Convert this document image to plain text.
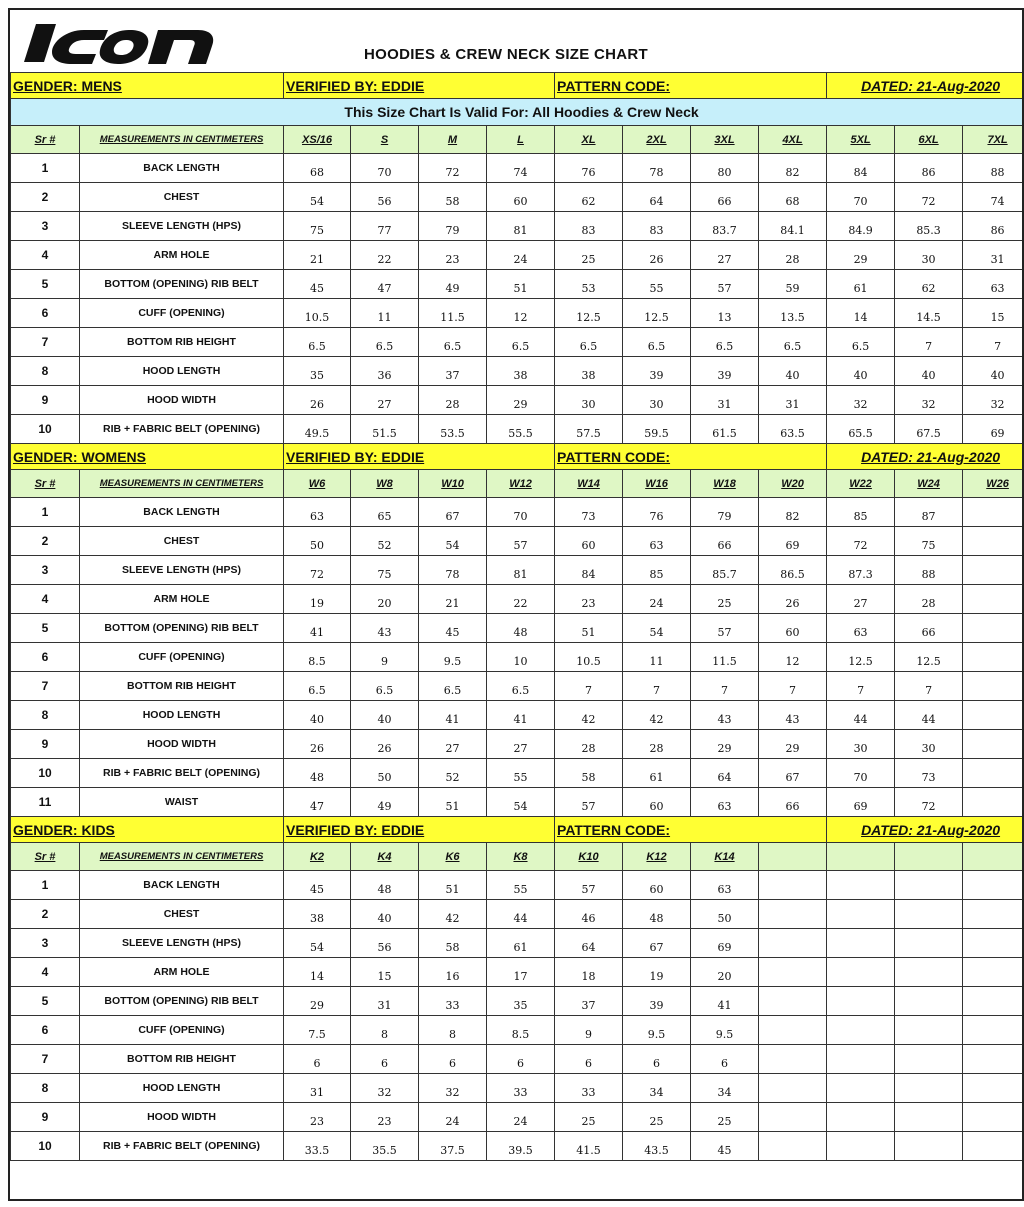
HOODIES & CREW NECK SIZE CHART
GENDER: MENS		VERIFIED BY: EDDIE				PATTERN CODE:				DATED: 21-Aug-2020		
This Size Chart Is Valid For: All Hoodies & Crew Neck												
Sr #	MEASUREMENTS IN CENTIMETERS	XS/16	S	M	L	XL	2XL	3XL	4XL	5XL	6XL	7XL
1	BACK LENGTH	68	70	72	74	76	78	80	82	84	86	88
2	CHEST	54	56	58	60	62	64	66	68	70	72	74
3	SLEEVE LENGTH (HPS)	75	77	79	81	83	83	83.7	84.1	84.9	85.3	86
4	ARM HOLE	21	22	23	24	25	26	27	28	29	30	31
5	BOTTOM (OPENING) RIB BELT	45	47	49	51	53	55	57	59	61	62	63
6	CUFF (OPENING)	10.5	11	11.5	12	12.5	12.5	13	13.5	14	14.5	15
7	BOTTOM RIB HEIGHT	6.5	6.5	6.5	6.5	6.5	6.5	6.5	6.5	6.5	7	7
8	HOOD LENGTH	35	36	37	38	38	39	39	40	40	40	40
9	HOOD WIDTH	26	27	28	29	30	30	31	31	32	32	32
10	RIB + FABRIC BELT (OPENING)	49.5	51.5	53.5	55.5	57.5	59.5	61.5	63.5	65.5	67.5	69
GENDER: WOMENS		VERIFIED BY: EDDIE				PATTERN CODE:				DATED: 21-Aug-2020		
Sr #	MEASUREMENTS IN CENTIMETERS	W6	W8	W10	W12	W14	W16	W18	W20	W22	W24	W26
1	BACK LENGTH	63	65	67	70	73	76	79	82	85	87	
2	CHEST	50	52	54	57	60	63	66	69	72	75	
3	SLEEVE LENGTH (HPS)	72	75	78	81	84	85	85.7	86.5	87.3	88	
4	ARM HOLE	19	20	21	22	23	24	25	26	27	28	
5	BOTTOM (OPENING) RIB BELT	41	43	45	48	51	54	57	60	63	66	
6	CUFF (OPENING)	8.5	9	9.5	10	10.5	11	11.5	12	12.5	12.5	
7	BOTTOM RIB HEIGHT	6.5	6.5	6.5	6.5	7	7	7	7	7	7	
8	HOOD LENGTH	40	40	41	41	42	42	43	43	44	44	
9	HOOD WIDTH	26	26	27	27	28	28	29	29	30	30	
10	RIB + FABRIC BELT (OPENING)	48	50	52	55	58	61	64	67	70	73	
11	WAIST	47	49	51	54	57	60	63	66	69	72	
GENDER: KIDS		VERIFIED BY: EDDIE				PATTERN CODE:				DATED: 21-Aug-2020		
Sr #	MEASUREMENTS IN CENTIMETERS	K2	K4	K6	K8	K10	K12	K14				
1	BACK LENGTH	45	48	51	55	57	60	63				
2	CHEST	38	40	42	44	46	48	50				
3	SLEEVE LENGTH (HPS)	54	56	58	61	64	67	69				
4	ARM HOLE	14	15	16	17	18	19	20				
5	BOTTOM (OPENING) RIB BELT	29	31	33	35	37	39	41				
6	CUFF (OPENING)	7.5	8	8	8.5	9	9.5	9.5				
7	BOTTOM RIB HEIGHT	6	6	6	6	6	6	6				
8	HOOD LENGTH	31	32	32	33	33	34	34				
9	HOOD WIDTH	23	23	24	24	25	25	25				
10	RIB + FABRIC BELT (OPENING)	33.5	35.5	37.5	39.5	41.5	43.5	45				
